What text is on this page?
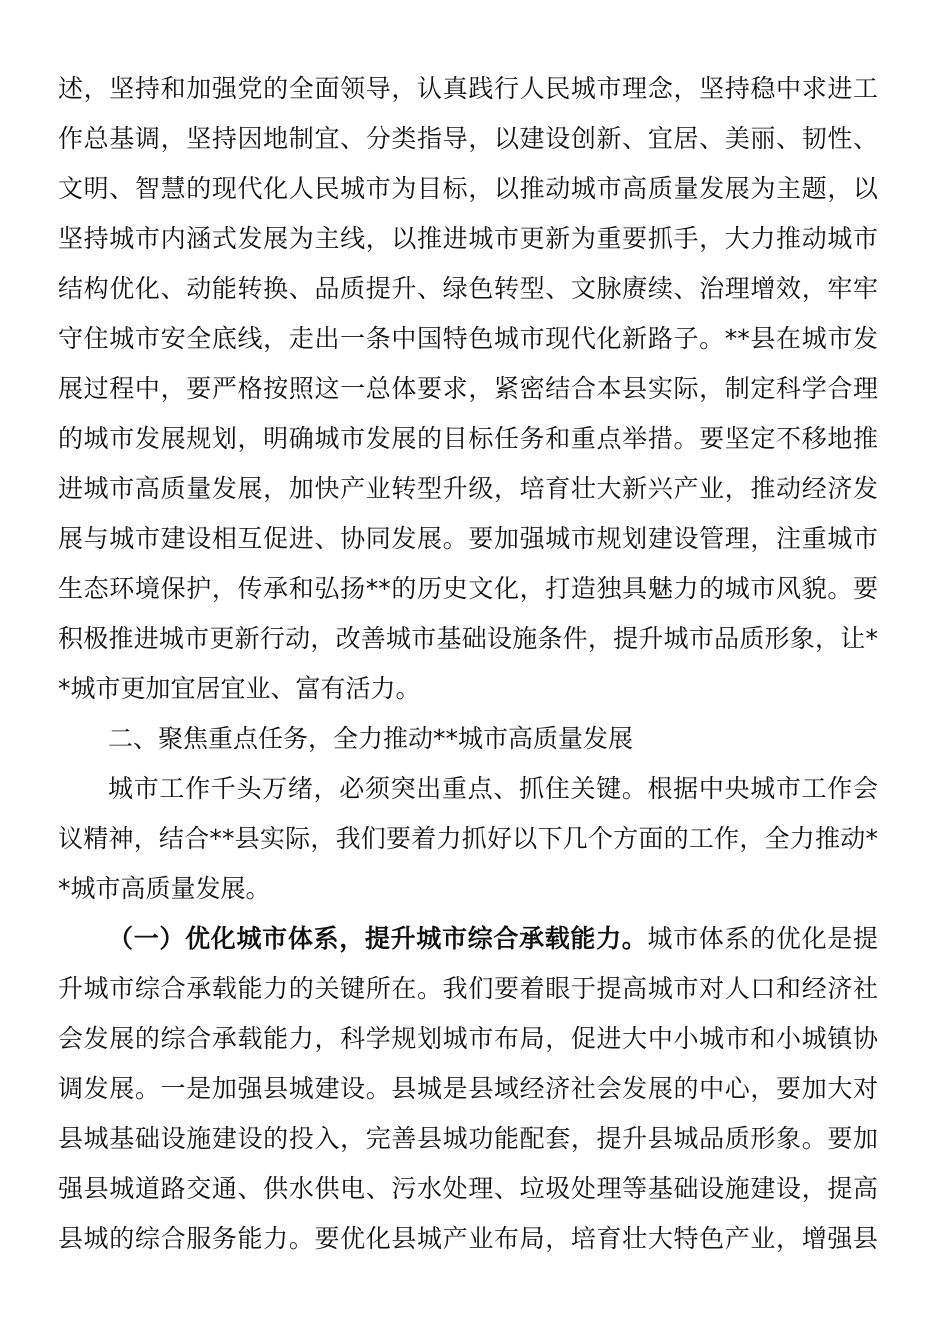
述，坚持和加强党的全面领导，认真践行人民城市理念，坚持稳中求进工
作总基调，坚持因地制宜、分类指导，以建设创新、宜居、美丽、韧性、
文明、智慧的现代化人民城市为目标，以推动城市高质量发展为主题，以
坚持城市内涵式发展为主线，以推进城市更新为重要抓手，大力推动城市
结构优化、动能转换、品质提升、绿色转型、文脉赓续、治理增效，牢牢
守住城市安全底线，走出一条中国特色城市现代化新路子。**县在城市发
展过程中，要严格按照这一总体要求，紧密结合本县实际，制定科学合理
的城市发展规划，明确城市发展的目标任务和重点举措。要坚定不移地推
进城市高质量发展，加快产业转型升级，培育壮大新兴产业，推动经济发
展与城市建设相互促进、协同发展。要加强城市规划建设管理，注重城市
生态环境保护，传承和弘扬**的历史文化，打造独具魅力的城市风貌。要
积极推进城市更新行动，改善城市基础设施条件，提升城市品质形象，让*
*城市更加宜居宜业、富有活力。
二、聚焦重点任务，全力推动**城市高质量发展
城市工作千头万绪，必须突出重点、抓住关键。根据中央城市工作会
议精神，结合**县实际，我们要着力抓好以下几个方面的工作，全力推动*
*城市高质量发展。
（一）优化城市体系，提升城市综合承载能力。城市体系的优化是提
升城市综合承载能力的关键所在。我们要着眼于提高城市对人口和经济社
会发展的综合承载能力，科学规划城市布局，促进大中小城市和小城镇协
调发展。一是加强县城建设。县城是县域经济社会发展的中心，要加大对
县城基础设施建设的投入，完善县城功能配套，提升县城品质形象。要加
强县城道路交通、供水供电、污水处理、垃圾处理等基础设施建设，提高
县城的综合服务能力。要优化县城产业布局，培育壮大特色产业，增强县
